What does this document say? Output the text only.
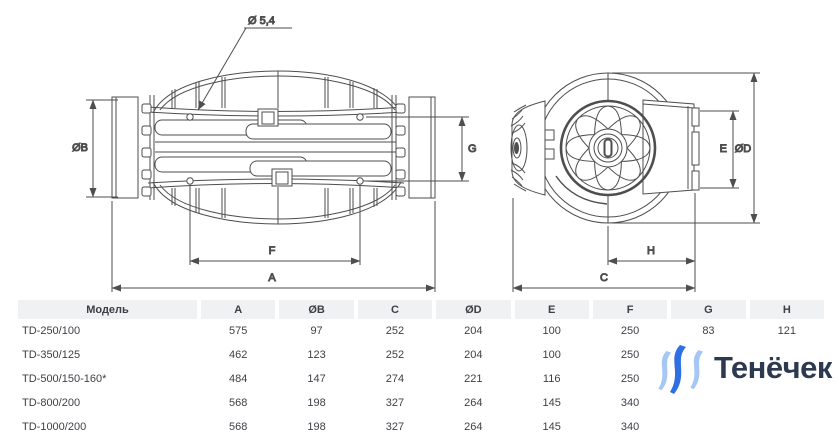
Ø 5,4
ØB
F
A
G	E ØD
H
C
Модель	A	ØB	C	ØD	E	F	G	H
TD-250/100	575	97	252	204	100	250	83	121
TD-350/125	462	123	252	204	100	250
TD-500/150-160*	484	147	274	221	116	250
TD-800/200	568	198	327	264	145	340
TD-1000/200	568	198	327	264	145	340
Тенёчек
